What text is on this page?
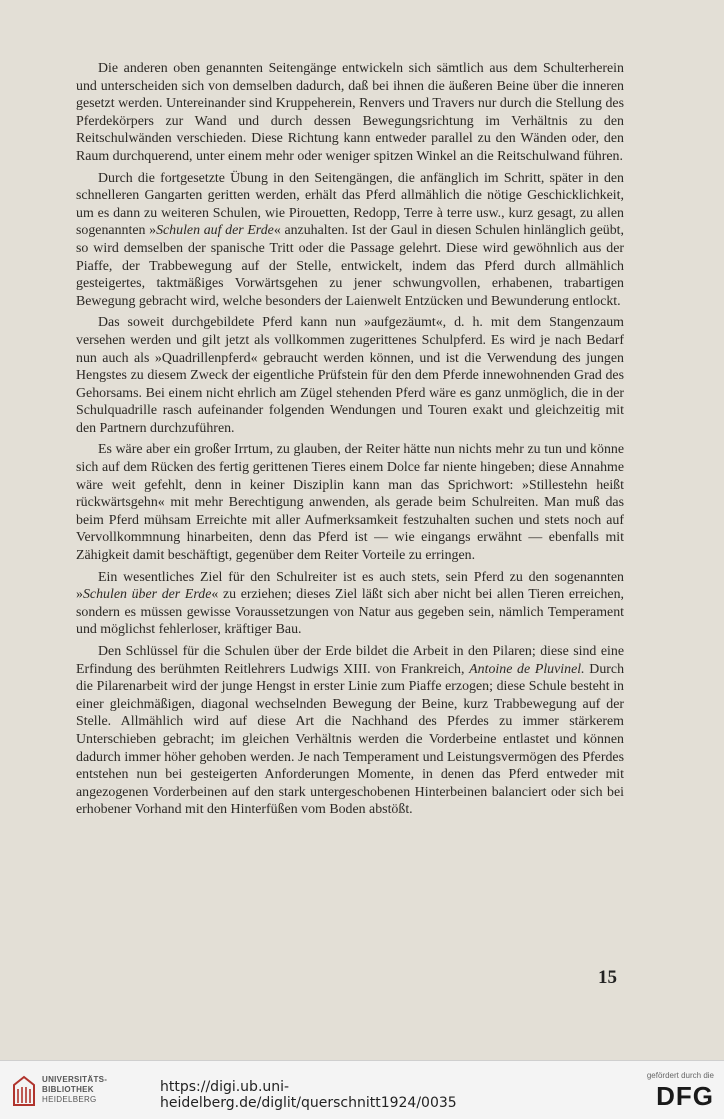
Die anderen oben genannten Seitengänge entwickeln sich sämtlich aus dem Schulterherein und unterscheiden sich von demselben dadurch, daß bei ihnen die äußeren Beine über die inneren gesetzt werden. Untereinander sind Kruppeherein, Renvers und Travers nur durch die Stellung des Pferdekörpers zur Wand und durch dessen Bewegungsrichtung im Verhältnis zu den Reitschulwänden verschieden. Diese Richtung kann entweder parallel zu den Wänden oder, den Raum durchquerend, unter einem mehr oder weniger spitzen Winkel an die Reitschulwand führen.

Durch die fortgesetzte Übung in den Seitengängen, die anfänglich im Schritt, später in den schnelleren Gangarten geritten werden, erhält das Pferd allmählich die nötige Geschicklichkeit, um es dann zu weiteren Schulen, wie Pirouetten, Redopp, Terre à terre usw., kurz gesagt, zu allen sogenannten »Schulen auf der Erde« anzuhalten. Ist der Gaul in diesen Schulen hinlänglich geübt, so wird demselben der spanische Tritt oder die Passage gelehrt. Diese wird gewöhnlich aus der Piaffe, der Trabbewegung auf der Stelle, entwickelt, indem das Pferd durch allmählich gesteigertes, taktmäßiges Vorwärtsgehen zu jener schwungvollen, erhabenen, trabartigen Bewegung gebracht wird, welche besonders der Laienwelt Entzücken und Bewunderung entlockt.

Das soweit durchgebildete Pferd kann nun »aufgezäumt«, d. h. mit dem Stangenzaum versehen werden und gilt jetzt als vollkommen zugerittenes Schulpferd. Es wird je nach Bedarf nun auch als »Quadrillenpferd« gebraucht werden können, und ist die Verwendung des jungen Hengstes zu diesem Zweck der eigentliche Prüfstein für den dem Pferde innewohnenden Grad des Gehorsams. Bei einem nicht ehrlich am Zügel stehenden Pferd wäre es ganz unmöglich, die in der Schulquadrille rasch aufeinander folgenden Wendungen und Touren exakt und gleichzeitig mit den Partnern durchzuführen.

Es wäre aber ein großer Irrtum, zu glauben, der Reiter hätte nun nichts mehr zu tun und könne sich auf dem Rücken des fertig gerittenen Tieres einem Dolce far niente hingeben; diese Annahme wäre weit gefehlt, denn in keiner Disziplin kann man das Sprichwort: »Stillestehn heißt rückwärtsgehn« mit mehr Berechtigung anwenden, als gerade beim Schulreiten. Man muß das beim Pferd mühsam Erreichte mit aller Aufmerksamkeit festzuhalten suchen und stets noch auf Vervollkommnung hinarbeiten, denn das Pferd ist — wie eingangs erwähnt — ebenfalls mit Zähigkeit damit beschäftigt, gegenüber dem Reiter Vorteile zu erringen.

Ein wesentliches Ziel für den Schulreiter ist es auch stets, sein Pferd zu den sogenannten »Schulen über der Erde« zu erziehen; dieses Ziel läßt sich aber nicht bei allen Tieren erreichen, sondern es müssen gewisse Voraussetzungen von Natur aus gegeben sein, nämlich Temperament und möglichst fehlerloser, kräftiger Bau.

Den Schlüssel für die Schulen über der Erde bildet die Arbeit in den Pilaren; diese sind eine Erfindung des berühmten Reitlehrers Ludwigs XIII. von Frankreich, Antoine de Pluvinel. Durch die Pilarenarbeit wird der junge Hengst in erster Linie zum Piaffe erzogen; diese Schule besteht in einer gleichmäßigen, diagonal wechselnden Bewegung der Beine, kurz Trabbewegung auf der Stelle. Allmählich wird auf diese Art die Nachhand des Pferdes zu immer stärkerem Unterschieben gebracht; im gleichen Verhältnis werden die Vorderbeine entlastet und können dadurch immer höher gehoben werden. Je nach Temperament und Leistungsvermögen des Pferdes entstehen nun bei gesteigerten Anforderungen Momente, in denen das Pferd entweder mit angezogenen Vorderbeinen auf den stark untergeschobenen Hinterbeinen balanciert oder sich bei erhobener Vorhand mit den Hinterfüßen vom Boden abstößt.

15
UNIVERSITÄTS-
BIBLIOTHEK
HEIDELBERG
https://digi.ub.uni-heidelberg.de/diglit/querschnitt1924/0035
gefördert durch die
DFG
